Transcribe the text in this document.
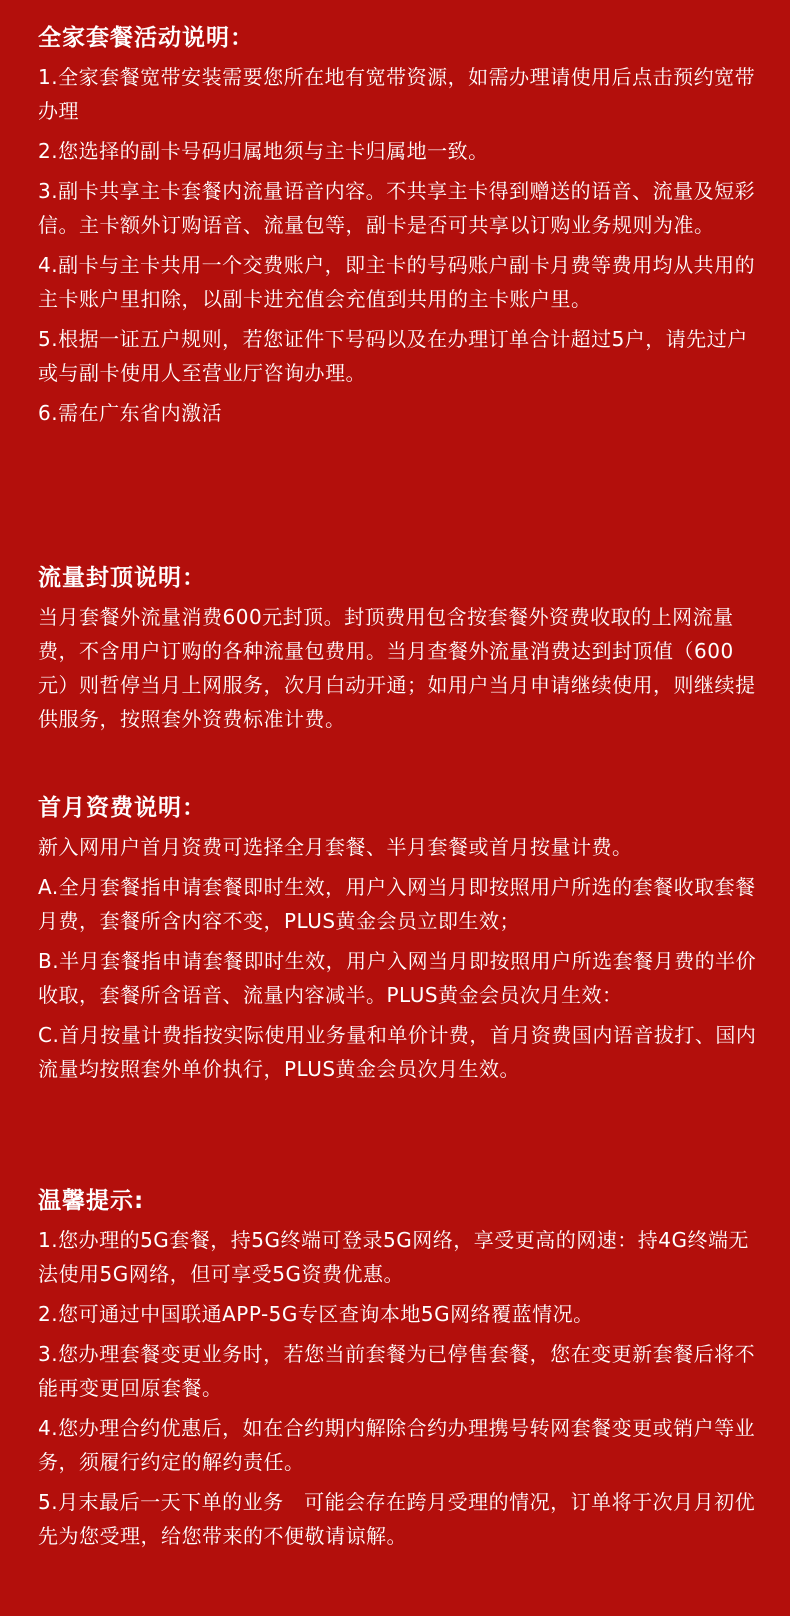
全家套餐活动说明：

1.全家套餐宽带安装需要您所在地有宽带资源，如需办理请使用后点击预约宽带办理

2.您选择的副卡号码归属地须与主卡归属地一致。

3.副卡共享主卡套餐内流量语音内容。不共享主卡得到赠送的语音、流量及短彩信。主卡额外订购语音、流量包等，副卡是否可共享以订购业务规则为准。

4.副卡与主卡共用一个交费账户，即主卡的号码账户副卡月费等费用均从共用的主卡账户里扣除，以副卡进充值会充值到共用的主卡账户里。

5.根据一证五户规则，若您证件下号码以及在办理订单合计超过5户，请先过户或与副卡使用人至营业厅咨询办理。

6.需在广东省内激活

流量封顶说明：

当月套餐外流量消费600元封顶。封顶费用包含按套餐外资费收取的上网流量费，不含用户订购的各种流量包费用。当月查餐外流量消费达到封顶值（600元）则哲停当月上网服务，次月白动开通；如用户当月申请继续使用，则继续提供服务，按照套外资费标准计费。

首月资费说明：

新入网用户首月资费可选择全月套餐、半月套餐或首月按量计费。

A.全月套餐指申请套餐即时生效，用户入网当月即按照用户所选的套餐收取套餐月费，套餐所含内容不变，PLUS黄金会员立即生效；

B.半月套餐指申请套餐即时生效，用户入网当月即按照用户所选套餐月费的半价收取，套餐所含语音、流量内容减半。PLUS黄金会员次月生效：

C.首月按量计费指按实际使用业务量和单价计费，首月资费国内语音拔打、国内流量均按照套外单价执行，PLUS黄金会员次月生效。

温馨提示:

1.您办理的5G套餐，持5G终端可登录5G网络，享受更高的网速：持4G终端无法使用5G网络，但可享受5G资费优惠。

2.您可通过中国联通APP-5G专区查询本地5G网络覆蓝情况。

3.您办理套餐变更业务时，若您当前套餐为已停售套餐，您在变更新套餐后将不能再变更回原套餐。

4.您办理合约优惠后，如在合约期内解除合约办理携号转网套餐变更或销户等业务，须履行约定的解约责任。

5.月末最后一天下单的业务　可能会存在跨月受理的情况，订单将于次月月初优先为您受理，给您带来的不便敬请谅解。
